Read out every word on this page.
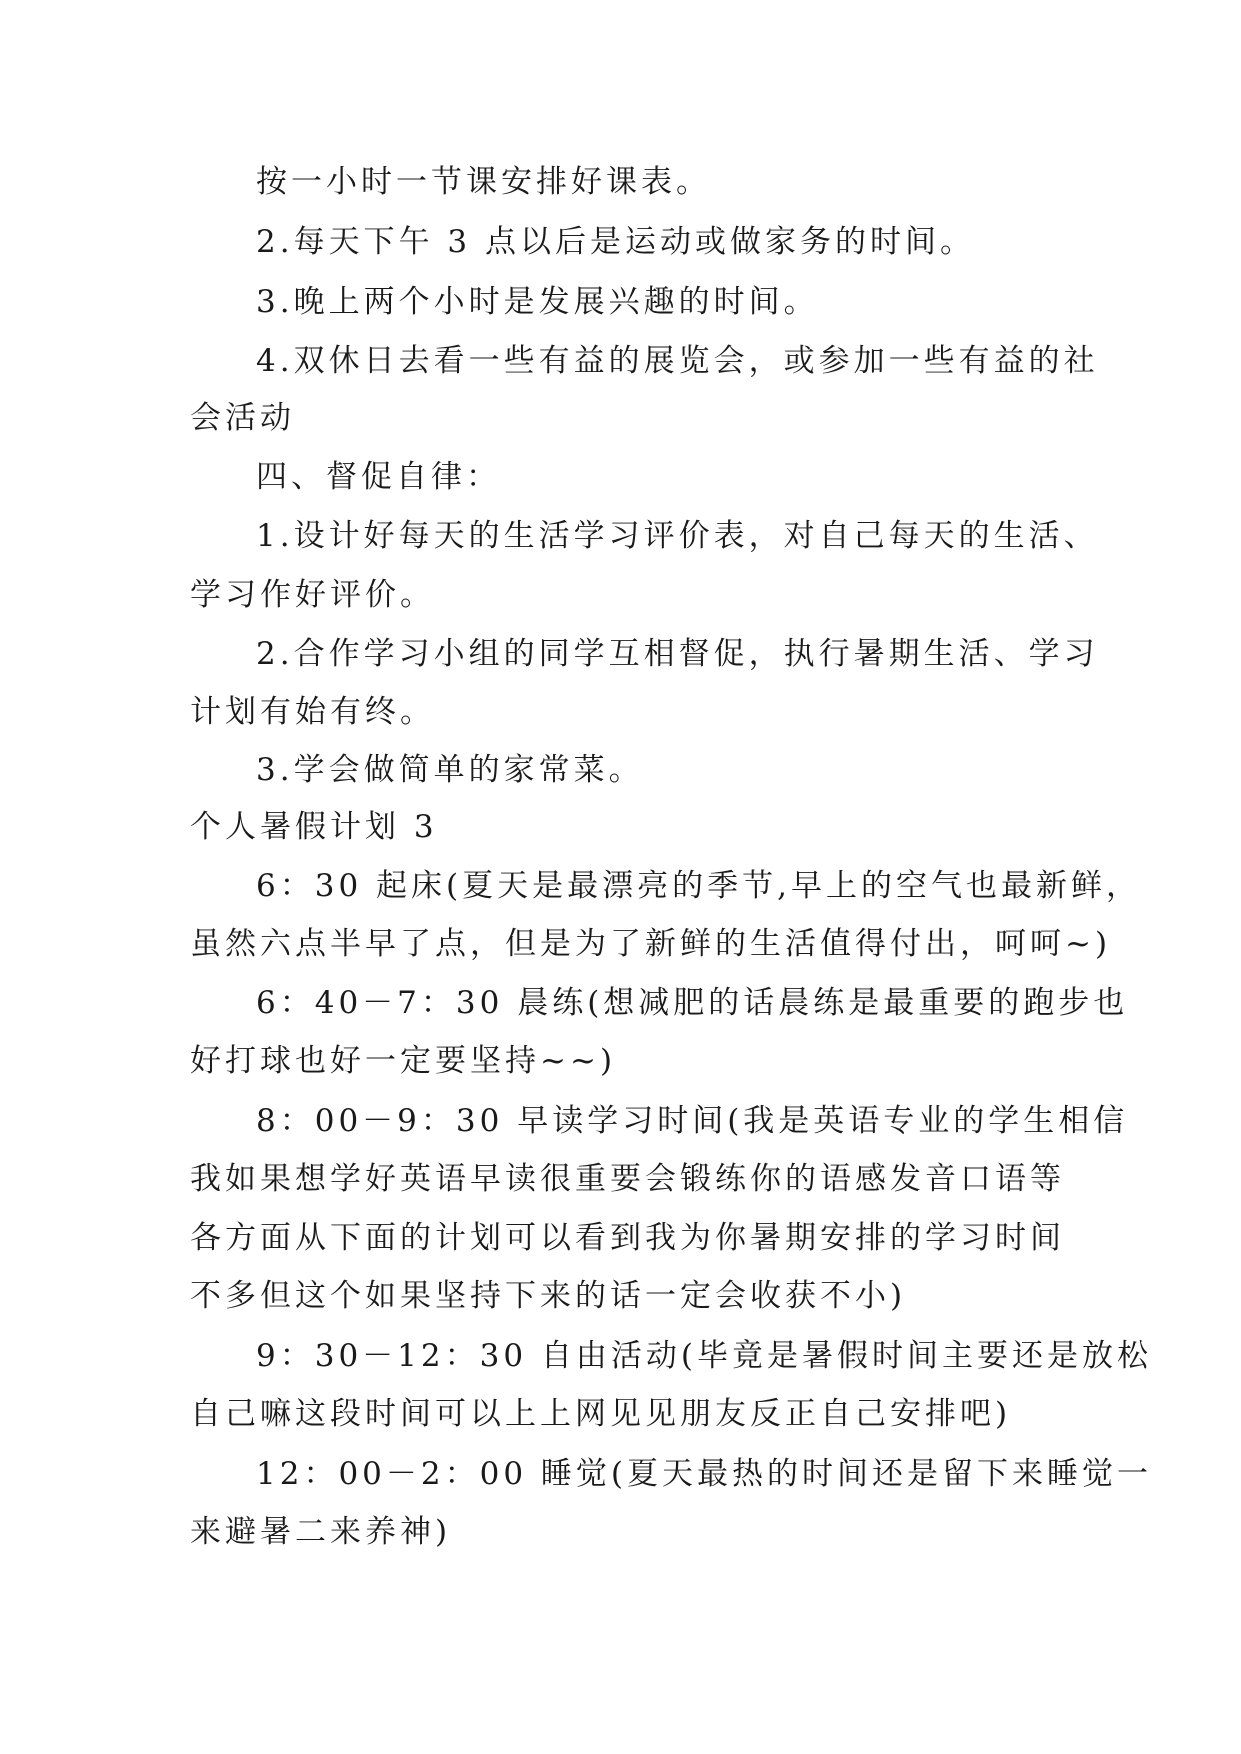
按一小时一节课安排好课表。
2.每天下午 3 点以后是运动或做家务的时间。
3.晚上两个小时是发展兴趣的时间。
4.双休日去看一些有益的展览会，或参加一些有益的社
会活动
四、督促自律：
1.设计好每天的生活学习评价表，对自己每天的生活、
学习作好评价。
2.合作学习小组的同学互相督促，执行暑期生活、学习
计划有始有终。
3.学会做简单的家常菜。
个人暑假计划 3
6：30 起床(夏天是最漂亮的季节,早上的空气也最新鲜，
虽然六点半早了点，但是为了新鲜的生活值得付出，呵呵~)
6：40－7：30 晨练(想减肥的话晨练是最重要的跑步也
好打球也好一定要坚持~~)
8：00－9：30 早读学习时间(我是英语专业的学生相信
我如果想学好英语早读很重要会锻练你的语感发音口语等
各方面从下面的计划可以看到我为你暑期安排的学习时间
不多但这个如果坚持下来的话一定会收获不小)
9：30－12：30 自由活动(毕竟是暑假时间主要还是放松
自己嘛这段时间可以上上网见见朋友反正自己安排吧)
12：00－2：00 睡觉(夏天最热的时间还是留下来睡觉一
来避暑二来养神)
